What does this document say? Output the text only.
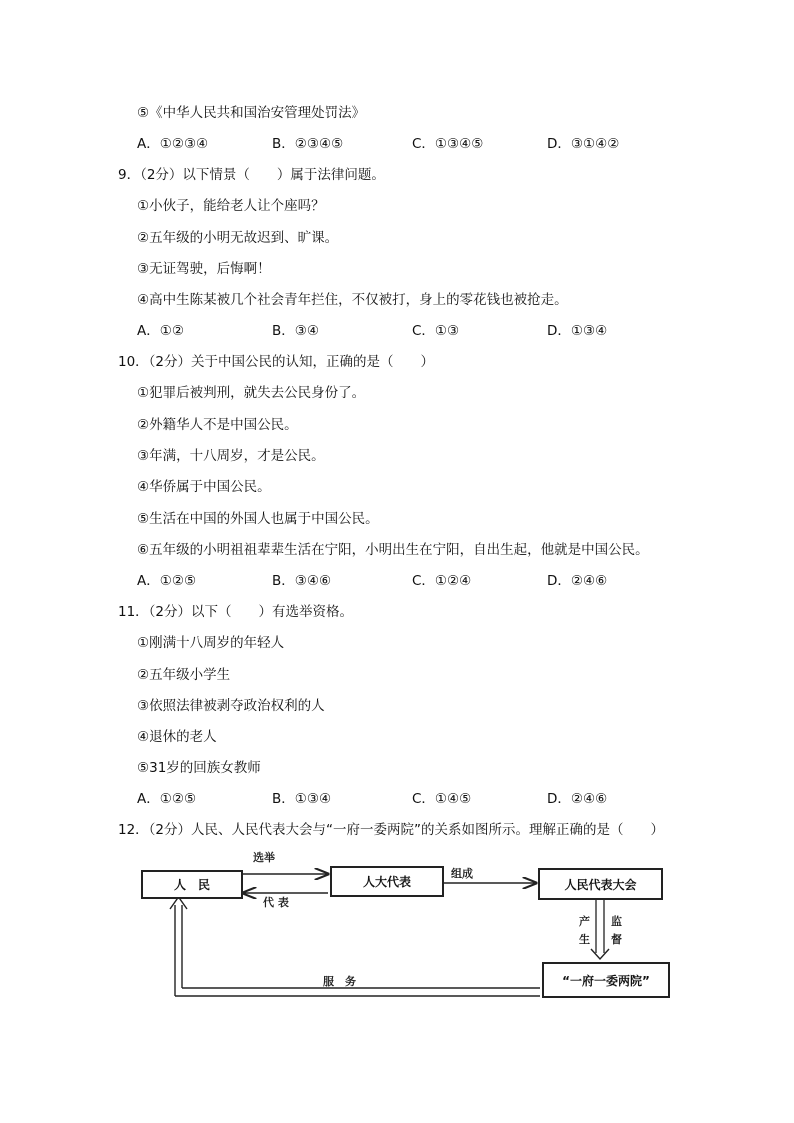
⑤《中华人民共和国治安管理处罚法》
A．①②③④	B．②③④⑤	C．①③④⑤	D．③①④②
9．（2分）以下情景（　　）属于法律问题。
①小伙子，能给老人让个座吗？
②五年级的小明无故迟到、旷课。
③无证驾驶，后悔啊！
④高中生陈某被几个社会青年拦住，不仅被打，身上的零花钱也被抢走。
A．①②	B．③④	C．①③	D．①③④
10．（2分）关于中国公民的认知，正确的是（　　）
①犯罪后被判刑，就失去公民身份了。
②外籍华人不是中国公民。
③年满，十八周岁，才是公民。
④华侨属于中国公民。
⑤生活在中国的外国人也属于中国公民。
⑥五年级的小明祖祖辈辈生活在宁阳，小明出生在宁阳，自出生起，他就是中国公民。
A．①②⑤	B．③④⑥	C．①②④	D．②④⑥
11．（2分）以下（　　）有选举资格。
①刚满十八周岁的年轻人
②五年级小学生
③依照法律被剥夺政治权利的人
④退休的老人
⑤31岁的回族女教师
A．①②⑤	B．①③④	C．①④⑤	D．②④⑥
12．（2分）人民、人民代表大会与“一府一委两院”的关系如图所示。理解正确的是（　　）
人　民	人大代表	人民代表大会
“一府一委两院”
选举
代 表
组成
产
生
监
督
服　务
